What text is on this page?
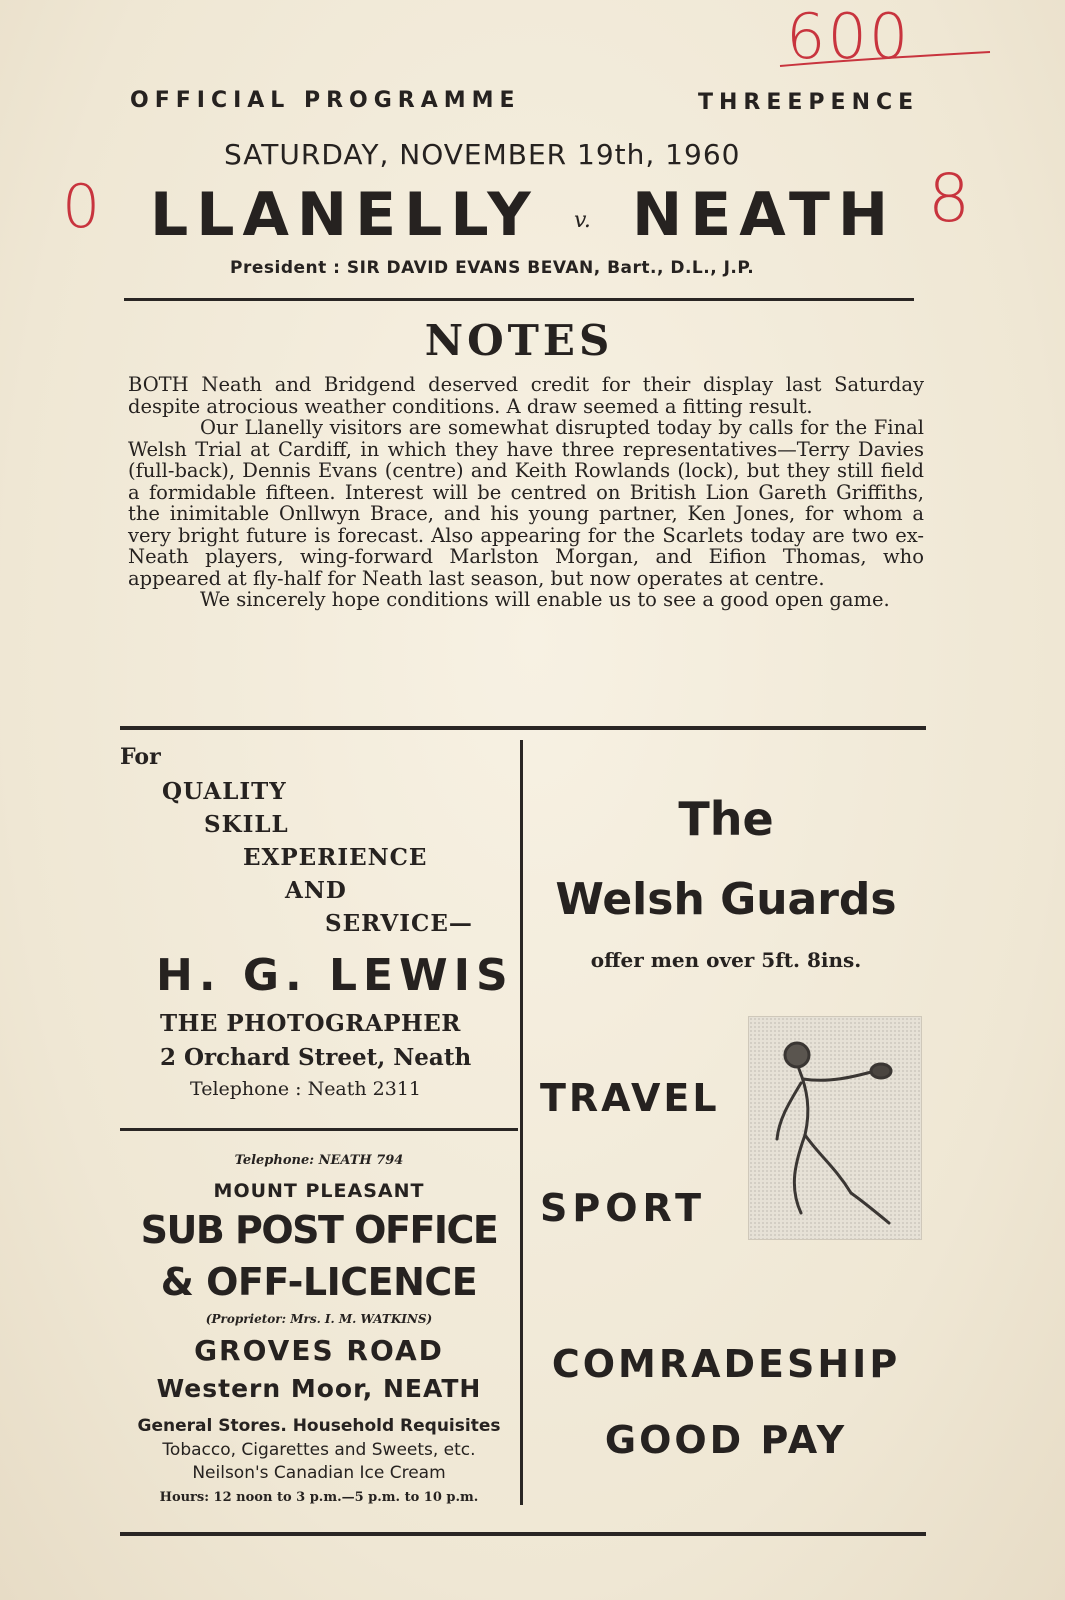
600
0	8
OFFICIAL PROGRAMME	THREEPENCE
SATURDAY, NOVEMBER 19th, 1960
LLANELLY	v. NEATH
President : SIR DAVID EVANS BEVAN, Bart., D.L., J.P.
NOTES

BOTH Neath and Bridgend deserved credit for their display last Saturday despite atrocious weather conditions. A draw seemed a fitting result.

Our Llanelly visitors are somewhat disrupted today by calls for the Final Welsh Trial at Cardiff, in which they have three representatives—Terry Davies (full-back), Dennis Evans (centre) and Keith Rowlands (lock), but they still field a formidable fifteen. Interest will be centred on British Lion Gareth Griffiths, the inimitable Onllwyn Brace, and his young partner, Ken Jones, for whom a very bright future is forecast. Also appearing for the Scarlets today are two ex-Neath players, wing-forward Marlston Morgan, and Eifion Thomas, who appeared at fly-half for Neath last season, but now operates at centre.

We sincerely hope conditions will enable us to see a good open game.

For
QUALITY
SKILL
EXPERIENCE
AND
SERVICE—
H. G. LEWIS
THE PHOTOGRAPHER
2 Orchard Street, Neath
Telephone : Neath 2311
Telephone: NEATH 794
MOUNT PLEASANT
SUB POST OFFICE
& OFF-LICENCE
(Proprietor: Mrs. I. M. WATKINS)
GROVES ROAD
Western Moor, NEATH
General Stores. Household Requisites
Tobacco, Cigarettes and Sweets, etc.
Neilson's Canadian Ice Cream
Hours: 12 noon to 3 p.m.—5 p.m. to 10 p.m.
The
Welsh Guards
offer men over 5ft. 8ins.
TRAVEL
SPORT
COMRADESHIP
GOOD PAY
